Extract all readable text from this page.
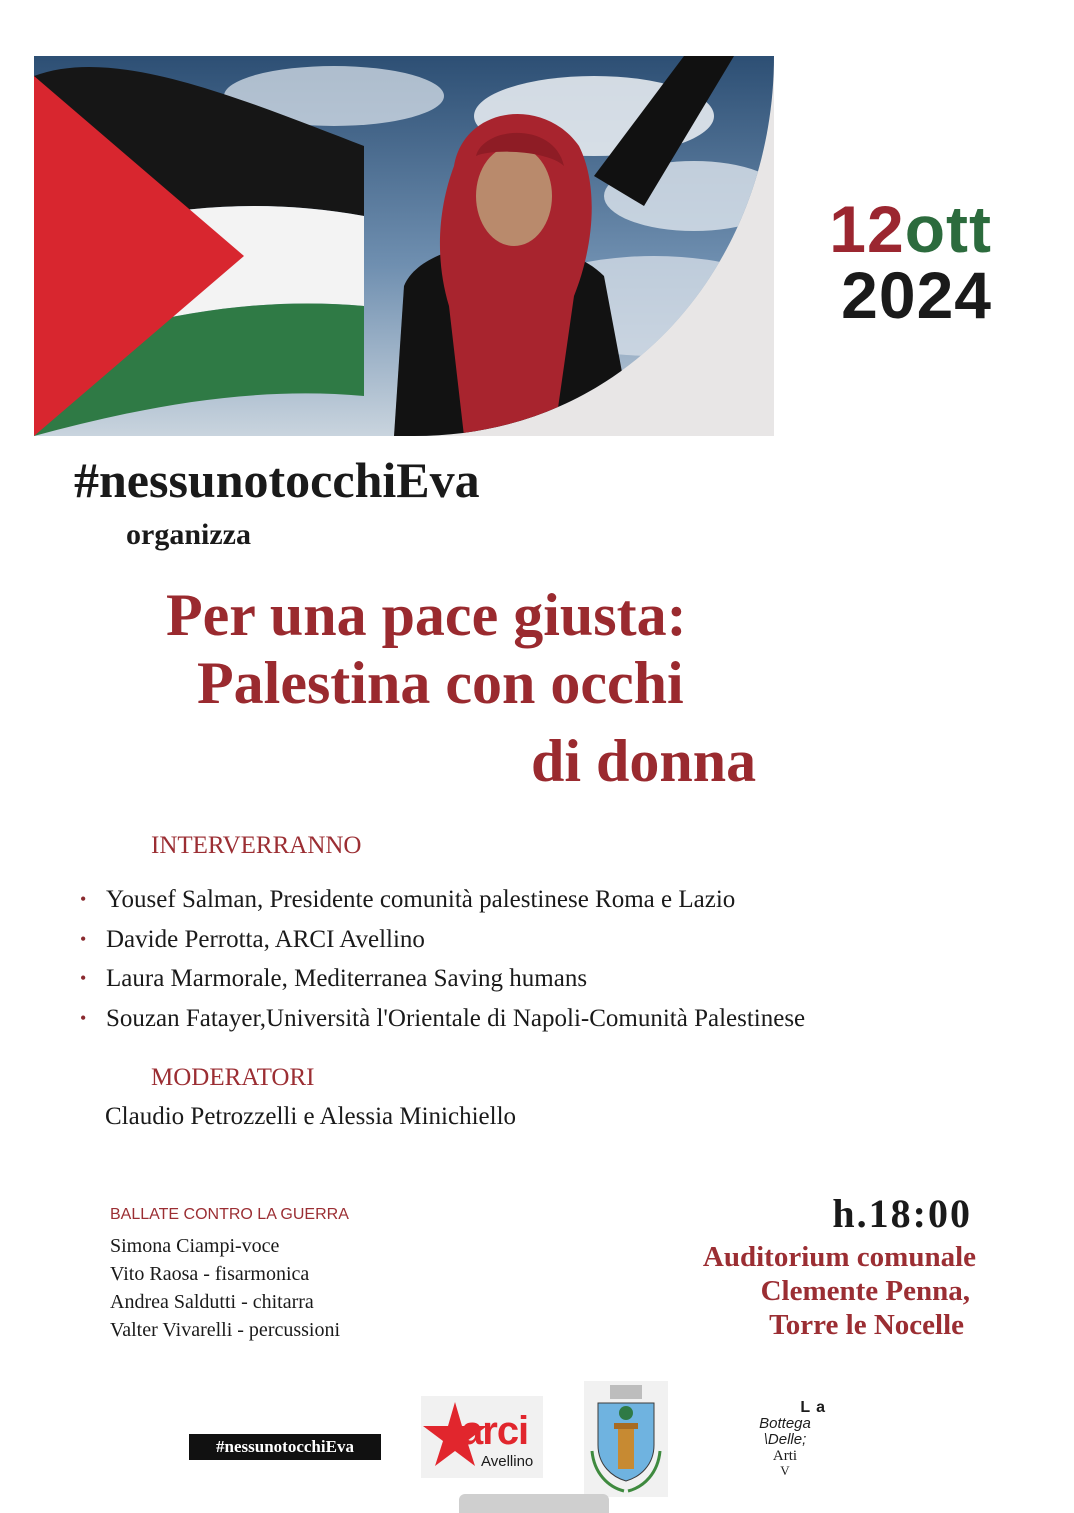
12ott
2024
#nessunotocchiEva
organizza
Per una pace giusta:
Palestina con occhi
di donna
INTERVERRANNO
• Yousef Salman, Presidente comunità palestinese Roma e Lazio
• Davide Perrotta, ARCI Avellino
• Laura Marmorale, Mediterranea Saving humans
• Souzan Fatayer,Università l'Orientale di Napoli-Comunità Palestinese
MODERATORI
Claudio Petrozzelli e Alessia Minichiello
BALLATE CONTRO LA GUERRA
Simona Ciampi-voce
Vito Raosa - fisarmonica
Andrea Saldutti - chitarra
Valter Vivarelli - percussioni
h.18:00
Auditorium comunale
Clemente Penna,
Torre le Nocelle
#nessunotocchiEva	arci
Avellino
La
Bottega
\Delle;
Arti
V
